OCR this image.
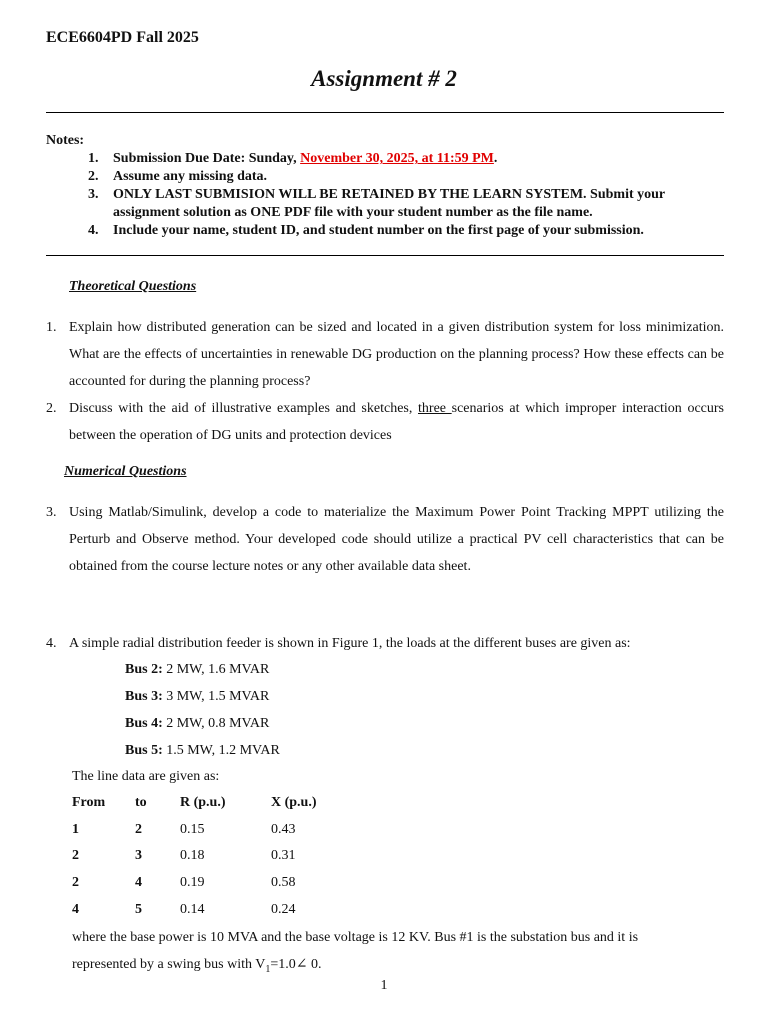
ECE6604PD Fall 2025
Assignment # 2
Notes:
1. Submission Due Date: Sunday, November 30, 2025, at 11:59 PM.
2. Assume any missing data.
3. ONLY LAST SUBMISION WILL BE RETAINED BY THE LEARN SYSTEM. Submit your assignment solution as ONE PDF file with your student number as the file name.
4. Include your name, student ID, and student number on the first page of your submission.
Theoretical Questions
1. Explain how distributed generation can be sized and located in a given distribution system for loss minimization. What are the effects of uncertainties in renewable DG production on the planning process? How these effects can be accounted for during the planning process?
2. Discuss with the aid of illustrative examples and sketches, three scenarios at which improper interaction occurs between the operation of DG units and protection devices
Numerical Questions
3. Using Matlab/Simulink, develop a code to materialize the Maximum Power Point Tracking MPPT utilizing the Perturb and Observe method. Your developed code should utilize a practical PV cell characteristics that can be obtained from the course lecture notes or any other available data sheet.
4. A simple radial distribution feeder is shown in Figure 1, the loads at the different buses are given as:
Bus 2: 2 MW, 1.6 MVAR
Bus 3: 3 MW, 1.5 MVAR
Bus 4: 2 MW, 0.8 MVAR
Bus 5: 1.5 MW, 1.2 MVAR
The line data are given as:
From	to	R (p.u.)	X (p.u.)
1	2	0.15	0.43
2	3	0.18	0.31
2	4	0.19	0.58
4	5	0.14	0.24
where the base power is 10 MVA and the base voltage is 12 KV. Bus #1 is the substation bus and it is
represented by a swing bus with $V_1=1.0\angle$ 0.
1
